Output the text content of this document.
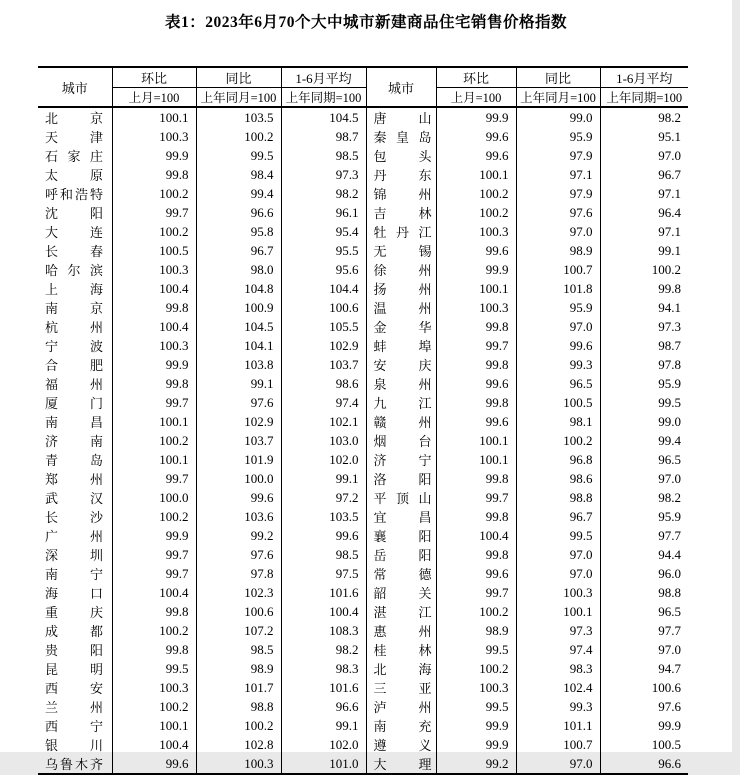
表1：2023年6月70个大中城市新建商品住宅销售价格指数
城市	环比	同比	1-6月平均	城市	环比	同比	1-6月平均
	上月=100	上年同月=100	上年同期=100		上月=100	上年同月=100	上年同期=100

北 京	100.1	103.5	104.5	唐 山	99.9	99.0	98.2

天 津	100.3	100.2	98.7	秦 皇 岛	99.6	95.9	95.1

石 家 庄	99.9	99.5	98.5	包 头	99.6	97.9	97.0

太 原	99.8	98.4	97.3	丹 东	100.1	97.1	96.7

呼 和 浩 特	100.2	99.4	98.2	锦 州	100.2	97.9	97.1

沈 阳	99.7	96.6	96.1	吉 林	100.2	97.6	96.4

大 连	100.2	95.8	95.4	牡 丹 江	100.3	97.0	97.1

长 春	100.5	96.7	95.5	无 锡	99.6	98.9	99.1

哈 尔 滨	100.3	98.0	95.6	徐 州	99.9	100.7	100.2

上 海	100.4	104.8	104.4	扬 州	100.1	101.8	99.8

南 京	99.8	100.9	100.6	温 州	100.3	95.9	94.1

杭 州	100.4	104.5	105.5	金 华	99.8	97.0	97.3

宁 波	100.3	104.1	102.9	蚌 埠	99.7	99.6	98.7

合 肥	99.9	103.8	103.7	安 庆	99.8	99.3	97.8

福 州	99.8	99.1	98.6	泉 州	99.6	96.5	95.9

厦 门	99.7	97.6	97.4	九 江	99.8	100.5	99.5

南 昌	100.1	102.9	102.1	赣 州	99.6	98.1	99.0

济 南	100.2	103.7	103.0	烟 台	100.1	100.2	99.4

青 岛	100.1	101.9	102.0	济 宁	100.1	96.8	96.5

郑 州	99.7	100.0	99.1	洛 阳	99.8	98.6	97.0

武 汉	100.0	99.6	97.2	平 顶 山	99.7	98.8	98.2

长 沙	100.2	103.6	103.5	宜 昌	99.8	96.7	95.9

广 州	99.9	99.2	99.6	襄 阳	100.4	99.5	97.7

深 圳	99.7	97.6	98.5	岳 阳	99.8	97.0	94.4

南 宁	99.7	97.8	97.5	常 德	99.6	97.0	96.0

海 口	100.4	102.3	101.6	韶 关	99.7	100.3	98.8

重 庆	99.8	100.6	100.4	湛 江	100.2	100.1	96.5

成 都	100.2	107.2	108.3	惠 州	98.9	97.3	97.7

贵 阳	99.8	98.5	98.2	桂 林	99.5	97.4	97.0

昆 明	99.5	98.9	98.3	北 海	100.2	98.3	94.7

西 安	100.3	101.7	101.6	三 亚	100.3	102.4	100.6

兰 州	100.2	98.8	96.6	泸 州	99.5	99.3	97.6

西 宁	100.1	100.2	99.1	南 充	99.9	101.1	99.9

银 川	100.4	102.8	102.0	遵 义	99.9	100.7	100.5

乌 鲁 木 齐	99.6	100.3	101.0	大 理	99.2	97.0	96.6
